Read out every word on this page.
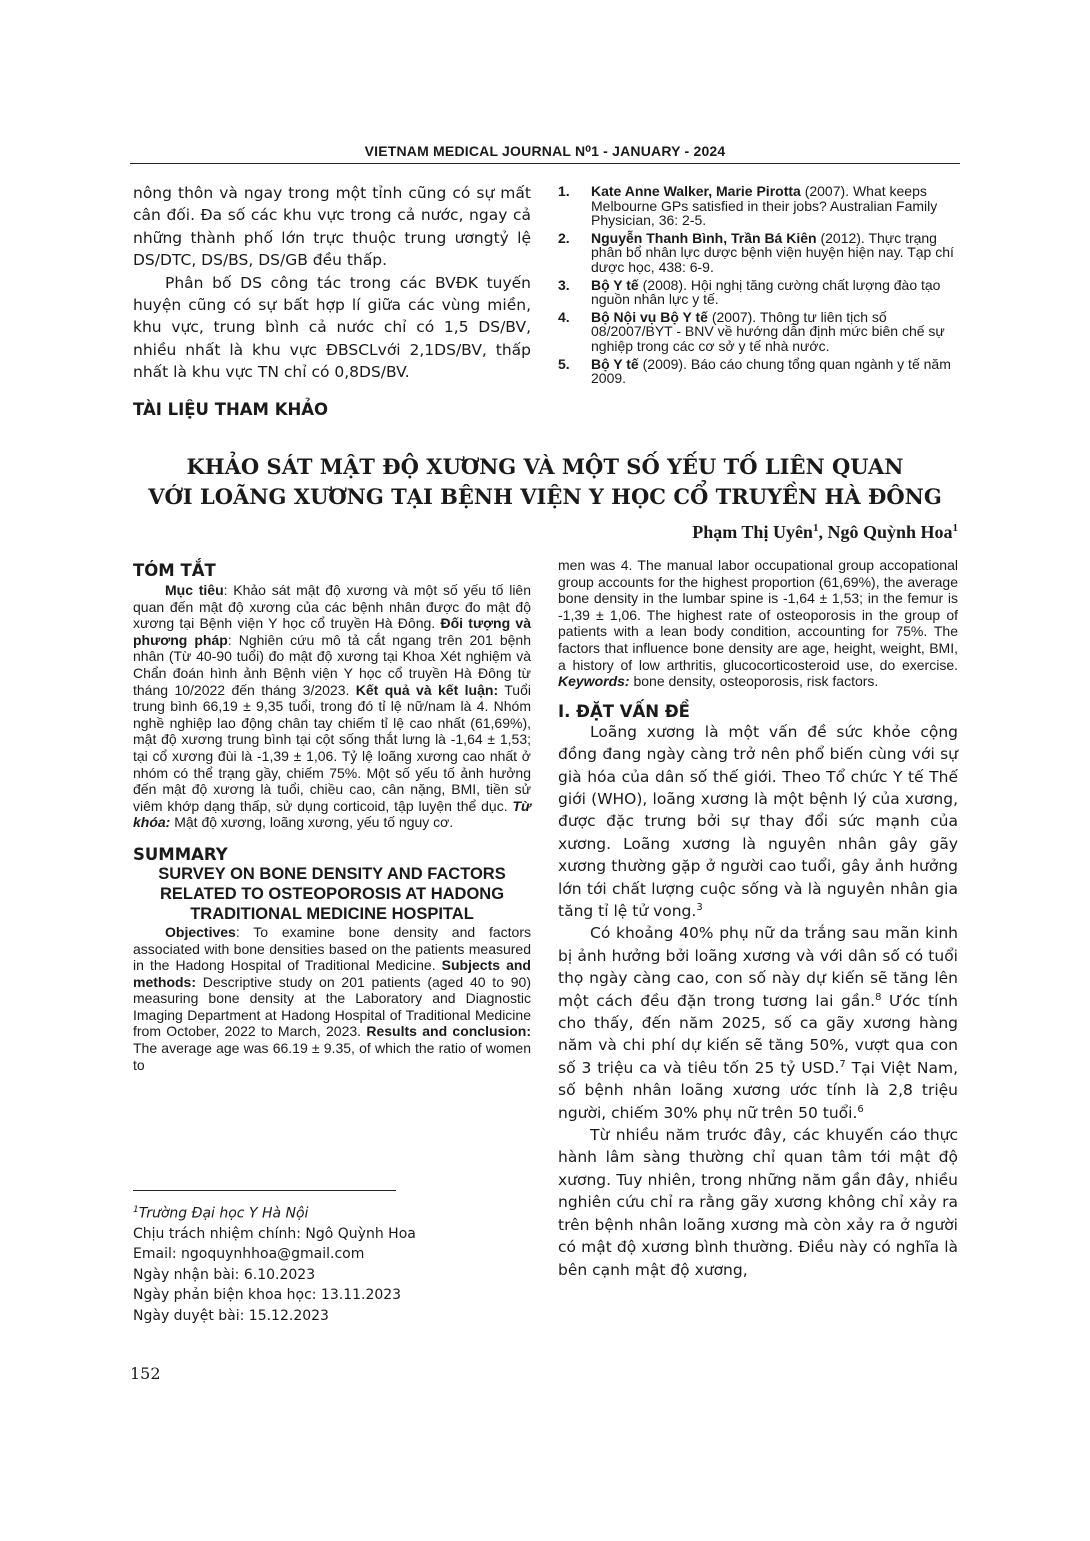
VIETNAM MEDICAL JOURNAL N⁰1 - JANUARY - 2024

nông thôn và ngay trong một tỉnh cũng có sự mất cân đối. Đa số các khu vực trong cả nước, ngay cả những thành phố lớn trực thuộc trung ươngtỷ lệ DS/DTC, DS/BS, DS/GB đều thấp.

Phân bố DS công tác trong các BVĐK tuyến huyện cũng có sự bất hợp lí giữa các vùng miền, khu vực, trung bình cả nước chỉ có 1,5 DS/BV, nhiều nhất là khu vực ĐBSCLvới 2,1DS/BV, thấp nhất là khu vực TN chỉ có 0,8DS/BV.

TÀI LIỆU THAM KHẢO

1. Kate Anne Walker, Marie Pirotta (2007). What keeps Melbourne GPs satisfied in their jobs? Australian Family Physician, 36: 2-5.
2. Nguyễn Thanh Bình, Trần Bá Kiên (2012). Thực trạng phân bổ nhân lực dược bệnh viện huyện hiện nay. Tạp chí dược học, 438: 6-9.
3. Bộ Y tế (2008). Hội nghị tăng cường chất lượng đào tạo nguồn nhân lực y tế.
4. Bộ Nội vụ Bộ Y tế (2007). Thông tư liên tịch số 08/2007/BYT - BNV về hướng dẫn định mức biên chế sự nghiệp trong các cơ sở y tế nhà nước.
5. Bộ Y tế (2009). Báo cáo chung tổng quan ngành y tế năm 2009.
KHẢO SÁT MẬT ĐỘ XƯƠNG VÀ MỘT SỐ YẾU TỐ LIÊN QUAN
VỚI LOÃNG XƯƠNG TẠI BỆNH VIỆN Y HỌC CỔ TRUYỀN HÀ ĐÔNG
Phạm Thị Uyên$^1$, Ngô Quỳnh Hoa$^1$

TÓM TẮT

Mục tiêu: Khảo sát mật độ xương và một số yếu tố liên quan đến mật độ xương của các bệnh nhân được đo mật độ xương tại Bệnh viện Y học cổ truyền Hà Đông. Đối tượng và phương pháp: Nghiên cứu mô tả cắt ngang trên 201 bệnh nhân (Từ 40-90 tuổi) đo mật độ xương tại Khoa Xét nghiệm và Chẩn đoán hình ảnh Bệnh viện Y học cổ truyền Hà Đông từ tháng 10/2022 đến tháng 3/2023. Kết quả và kết luận: Tuổi trung bình 66,19 ± 9,35 tuổi, trong đó tỉ lệ nữ/nam là 4. Nhóm nghề nghiệp lao động chân tay chiếm tỉ lệ cao nhất (61,69%), mật độ xương trung bình tại cột sống thắt lưng là -1,64 ± 1,53; tại cổ xương đùi là -1,39 ± 1,06. Tỷ lệ loãng xương cao nhất ở nhóm có thể trạng gầy, chiếm 75%. Một số yếu tố ảnh hưởng đến mật độ xương là tuổi, chiều cao, cân nặng, BMI, tiền sử viêm khớp dạng thấp, sử dụng corticoid, tập luyện thể dục. Từ khóa: Mật độ xương, loãng xương, yếu tố nguy cơ.

SUMMARY

SURVEY ON BONE DENSITY AND FACTORS RELATED TO OSTEOPOROSIS AT HADONG TRADITIONAL MEDICINE HOSPITAL

Objectives: To examine bone density and factors associated with bone densities based on the patients measured in the Hadong Hospital of Traditional Medicine. Subjects and methods: Descriptive study on 201 patients (aged 40 to 90) measuring bone density at the Laboratory and Diagnostic Imaging Department at Hadong Hospital of Traditional Medicine from October, 2022 to March, 2023. Results and conclusion: The average age was 66.19 ± 9.35, of which the ratio of women to

$^1$Trường Đại học Y Hà Nội

Chịu trách nhiệm chính: Ngô Quỳnh Hoa

Email: ngoquynhhoa@gmail.com

Ngày nhận bài: 6.10.2023

Ngày phản biện khoa học: 13.11.2023

Ngày duyệt bài: 15.12.2023

men was 4. The manual labor occupational group accopational group accounts for the highest proportion (61,69%), the average bone density in the lumbar spine is -1,64 ± 1,53; in the femur is -1,39 ± 1,06. The highest rate of osteoporosis in the group of patients with a lean body condition, accounting for 75%. The factors that influence bone density are age, height, weight, BMI, a history of low arthritis, glucocorticosteroid use, do exercise. Keywords: bone density, osteoporosis, risk factors.

I. ĐẶT VẤN ĐỀ

Loãng xương là một vấn đề sức khỏe cộng đồng đang ngày càng trở nên phổ biến cùng với sự già hóa của dân số thế giới. Theo Tổ chức Y tế Thế giới (WHO), loãng xương là một bệnh lý của xương, được đặc trưng bởi sự thay đổi sức mạnh của xương. Loãng xương là nguyên nhân gây gãy xương thường gặp ở người cao tuổi, gây ảnh hưởng lớn tới chất lượng cuộc sống và là nguyên nhân gia tăng tỉ lệ tử vong.$^3$

Có khoảng 40% phụ nữ da trắng sau mãn kinh bị ảnh hưởng bởi loãng xương và với dân số có tuổi thọ ngày càng cao, con số này dự kiến sẽ tăng lên một cách đều đặn trong tương lai gần.$^8$ Ước tính cho thấy, đến năm 2025, số ca gãy xương hàng năm và chi phí dự kiến sẽ tăng 50%, vượt qua con số 3 triệu ca và tiêu tốn 25 tỷ USD.$^7$ Tại Việt Nam, số bệnh nhân loãng xương ước tính là 2,8 triệu người, chiếm 30% phụ nữ trên 50 tuổi.$^6$

Từ nhiều năm trước đây, các khuyến cáo thực hành lâm sàng thường chỉ quan tâm tới mật độ xương. Tuy nhiên, trong những năm gần đây, nhiều nghiên cứu chỉ ra rằng gãy xương không chỉ xảy ra trên bệnh nhân loãng xương mà còn xảy ra ở người có mật độ xương bình thường. Điều này có nghĩa là bên cạnh mật độ xương,

152
